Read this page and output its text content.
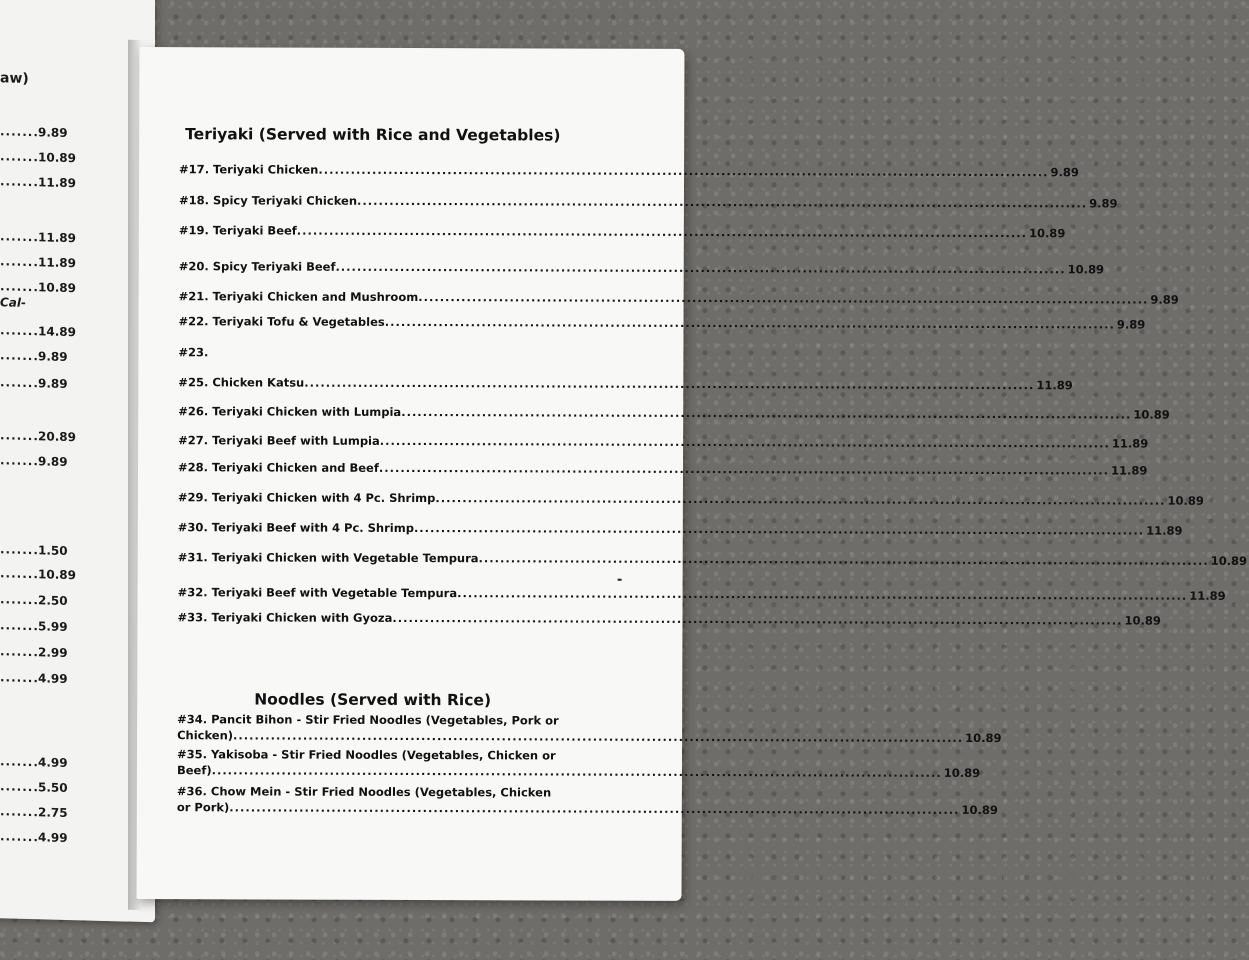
aw)
....... 9.89
....... 10.89
....... 11.89
....... 11.89
....... 11.89
....... 10.89
Cal-
....... 14.89
....... 9.89
....... 9.89
....... 20.89
....... 9.89
....... 1.50
....... 10.89
....... 2.50
....... 5.99
....... 2.99
....... 4.99
....... 4.99
....... 5.50
....... 2.75
....... 4.99
Teriyaki (Served with Rice and Vegetables)
#17. Teriyaki Chicken .....	9.89
#18. Spicy Teriyaki Chicken .....	9.89
#19. Teriyaki Beef .....	10.89
#20. Spicy Teriyaki Beef .....	10.89
#21. Teriyaki Chicken and Mushroom .....	9.89
#22. Teriyaki Tofu & Vegetables .....	9.89
#23.
#25. Chicken Katsu .....	11.89
#26. Teriyaki Chicken with Lumpia .....	10.89
#27. Teriyaki Beef with Lumpia .....	11.89
#28. Teriyaki Chicken and Beef .....	11.89
#29. Teriyaki Chicken with 4 Pc. Shrimp .....	10.89
#30. Teriyaki Beef with 4 Pc. Shrimp .....	11.89
#31. Teriyaki Chicken with Vegetable Tempura .....	10.89
#32. Teriyaki Beef with Vegetable Tempura .....	11.89
#33. Teriyaki Chicken with Gyoza .....	10.89
Noodles (Served with Rice)
#34. Pancit Bihon - Stir Fried Noodles (Vegetables, Pork or
Chicken) .....	10.89
#35. Yakisoba - Stir Fried Noodles (Vegetables, Chicken or
Beef) .....	10.89
#36. Chow Mein - Stir Fried Noodles (Vegetables, Chicken
or Pork) .....	10.89
